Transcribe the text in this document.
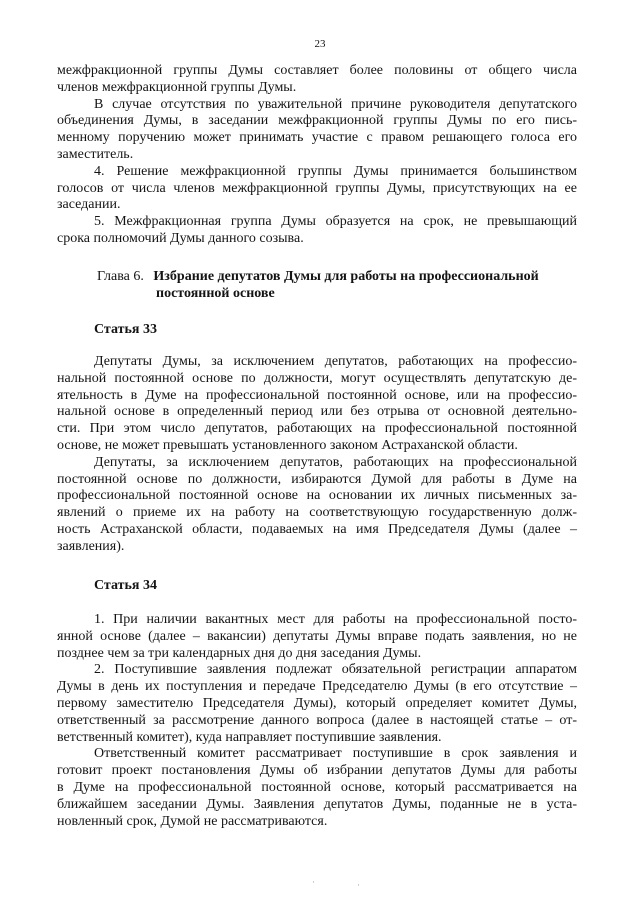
23
межфракционной группы Думы составляет более половины от общего числа
членов межфракционной группы Думы.
В случае отсутствия по уважительной причине руководителя депутатского
объединения Думы, в заседании межфракционной группы Думы по его пись-
менному поручению может принимать участие с правом решающего голоса его
заместитель.
4. Решение межфракционной группы Думы принимается большинством
голосов от числа членов межфракционной группы Думы, присутствующих на ее
заседании.
5. Межфракционная группа Думы образуется на срок, не превышающий
срока полномочий Думы данного созыва.
Глава 6. Избрание депутатов Думы для работы на профессиональной
постоянной основе
Статья 33
Депутаты Думы, за исключением депутатов, работающих на профессио-
нальной постоянной основе по должности, могут осуществлять депутатскую де-
ятельность в Думе на профессиональной постоянной основе, или на профессио-
нальной основе в определенный период или без отрыва от основной деятельно-
сти. При этом число депутатов, работающих на профессиональной постоянной
основе, не может превышать установленного законом Астраханской области.
Депутаты, за исключением депутатов, работающих на профессиональной
постоянной основе по должности, избираются Думой для работы в Думе на
профессиональной постоянной основе на основании их личных письменных за-
явлений о приеме их на работу на соответствующую государственную долж-
ность Астраханской области, подаваемых на имя Председателя Думы (далее –
заявления).
Статья 34
1. При наличии вакантных мест для работы на профессиональной посто-
янной основе (далее – вакансии) депутаты Думы вправе подать заявления, но не
позднее чем за три календарных дня до дня заседания Думы.
2. Поступившие заявления подлежат обязательной регистрации аппаратом
Думы в день их поступления и передаче Председателю Думы (в его отсутствие –
первому заместителю Председателя Думы), который определяет комитет Думы,
ответственный за рассмотрение данного вопроса (далее в настоящей статье – от-
ветственный комитет), куда направляет поступившие заявления.
Ответственный комитет рассматривает поступившие в срок заявления и
готовит проект постановления Думы об избрании депутатов Думы для работы
в Думе на профессиональной постоянной основе, который рассматривается на
ближайшем заседании Думы. Заявления депутатов Думы, поданные не в уста-
новленный срок, Думой не рассматриваются.
·	·
